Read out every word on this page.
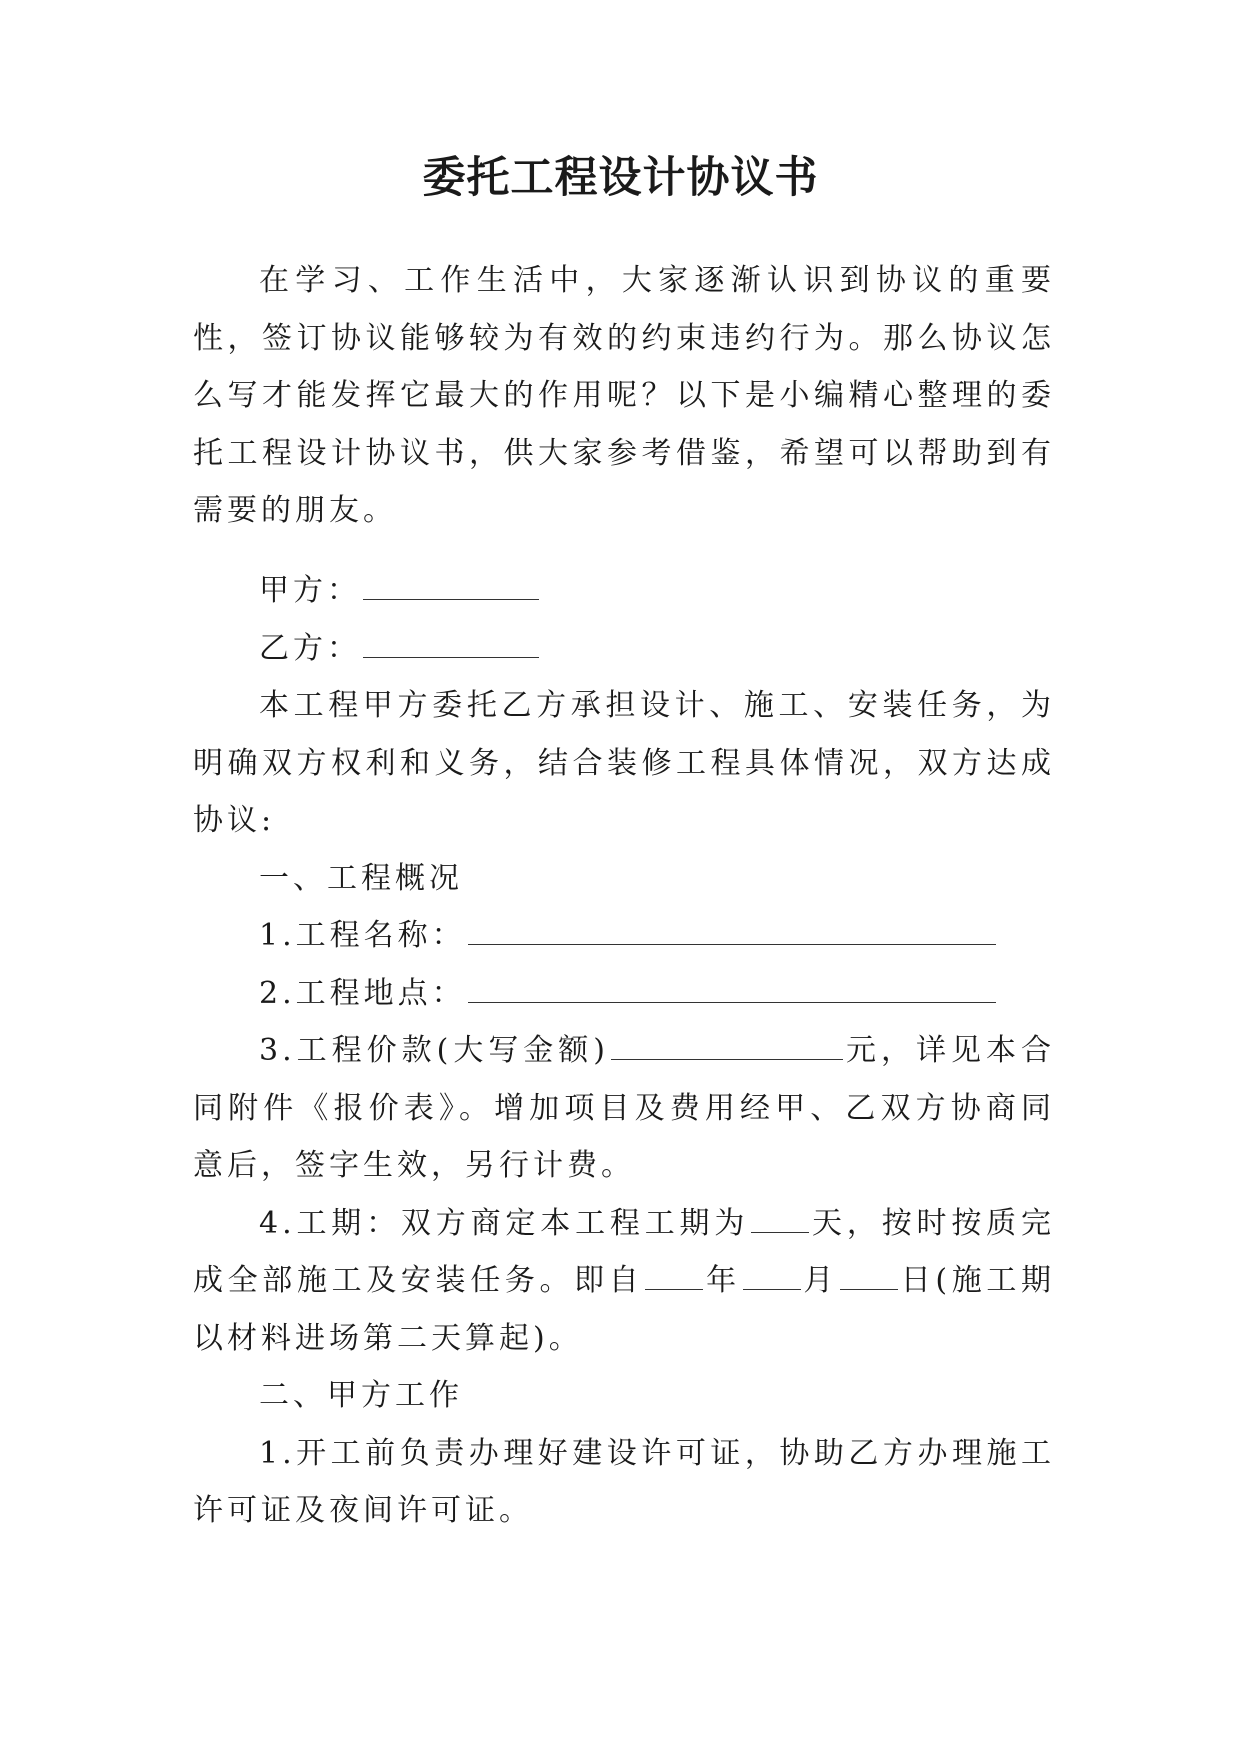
委托工程设计协议书

在学习、工作生活中，大家逐渐认识到协议的重要性，签订协议能够较为有效的约束违约行为。那么协议怎么写才能发挥它最大的作用呢？以下是小编精心整理的委托工程设计协议书，供大家参考借鉴，希望可以帮助到有需要的朋友。

甲方：

乙方：

本工程甲方委托乙方承担设计、施工、安装任务，为明确双方权利和义务，结合装修工程具体情况，双方达成协议:

一、工程概况

1.工程名称：

2.工程地点：

3.工程价款(大写金额)	元，详见本合同附件《报价表》。增加项目及费用经甲、乙双方协商同意后，签字生效，另行计费。

4.工期：双方商定本工程工期为 天，按时按质完成全部施工及安装任务。即自 年 月 日(施工期以材料进场第二天算起)。

二、甲方工作

1.开工前负责办理好建设许可证，协助乙方办理施工许可证及夜间许可证。
